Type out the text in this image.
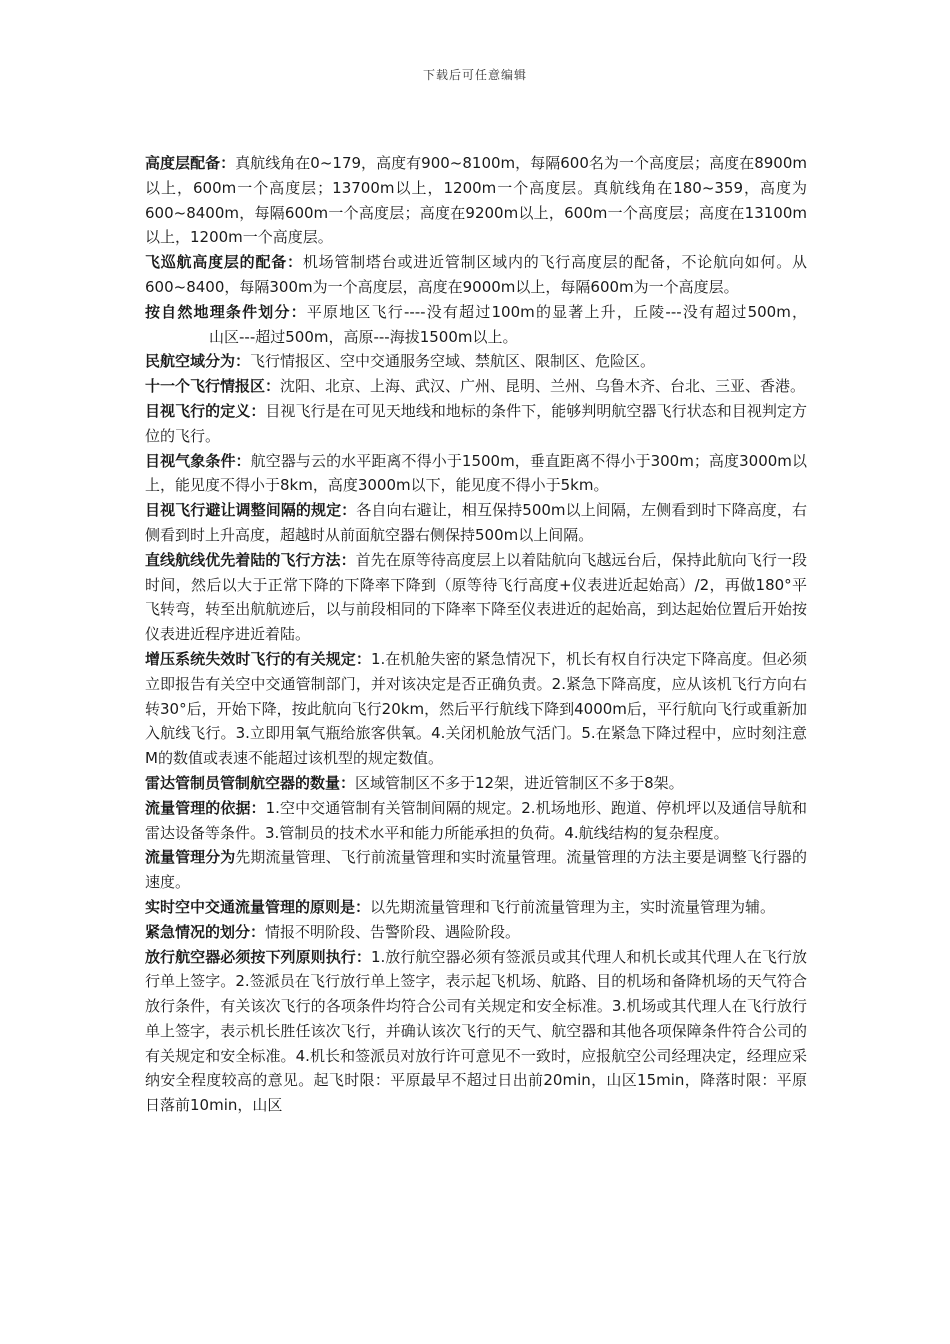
下载后可任意编辑

高度层配备：真航线角在0~179，高度有900~8100m，每隔600名为一个高度层；高度在8900m以上，600m一个高度层；13700m以上，1200m一个高度层。真航线角在180~359，高度为600~8400m，每隔600m一个高度层；高度在9200m以上，600m一个高度层；高度在13100m以上，1200m一个高度层。

飞巡航高度层的配备：机场管制塔台或进近管制区域内的飞行高度层的配备，不论航向如何。从600~8400，每隔300m为一个高度层，高度在9000m以上，每隔600m为一个高度层。

按自然地理条件划分：平原地区飞行----没有超过100m的显著上升，丘陵---没有超过500m，山区---超过500m，高原---海拔1500m以上。

民航空域分为：飞行情报区、空中交通服务空域、禁航区、限制区、危险区。

十一个飞行情报区：沈阳、北京、上海、武汉、广州、昆明、兰州、乌鲁木齐、台北、三亚、香港。

目视飞行的定义：目视飞行是在可见天地线和地标的条件下，能够判明航空器飞行状态和目视判定方位的飞行。

目视气象条件：航空器与云的水平距离不得小于1500m，垂直距离不得小于300m；高度3000m以上，能见度不得小于8km，高度3000m以下，能见度不得小于5km。

目视飞行避让调整间隔的规定：各自向右避让，相互保持500m以上间隔，左侧看到时下降高度，右侧看到时上升高度，超越时从前面航空器右侧保持500m以上间隔。

直线航线优先着陆的飞行方法：首先在原等待高度层上以着陆航向飞越远台后，保持此航向飞行一段时间，然后以大于正常下降的下降率下降到（原等待飞行高度+仪表进近起始高）/2，再做180°平飞转弯，转至出航航迹后，以与前段相同的下降率下降至仪表进近的起始高，到达起始位置后开始按仪表进近程序进近着陆。

增压系统失效时飞行的有关规定：1.在机舱失密的紧急情况下，机长有权自行决定下降高度。但必须立即报告有关空中交通管制部门，并对该决定是否正确负责。2.紧急下降高度，应从该机飞行方向右转30°后，开始下降，按此航向飞行20km，然后平行航线下降到4000m后，平行航向飞行或重新加入航线飞行。3.立即用氧气瓶给旅客供氧。4.关闭机舱放气活门。5.在紧急下降过程中，应时刻注意M的数值或表速不能超过该机型的规定数值。

雷达管制员管制航空器的数量：区域管制区不多于12架，进近管制区不多于8架。

流量管理的依据：1.空中交通管制有关管制间隔的规定。2.机场地形、跑道、停机坪以及通信导航和雷达设备等条件。3.管制员的技术水平和能力所能承担的负荷。4.航线结构的复杂程度。

流量管理分为先期流量管理、飞行前流量管理和实时流量管理。流量管理的方法主要是调整飞行器的速度。

实时空中交通流量管理的原则是：以先期流量管理和飞行前流量管理为主，实时流量管理为辅。

紧急情况的划分：情报不明阶段、告警阶段、遇险阶段。

放行航空器必须按下列原则执行：1.放行航空器必须有签派员或其代理人和机长或其代理人在飞行放行单上签字。2.签派员在飞行放行单上签字，表示起飞机场、航路、目的机场和备降机场的天气符合放行条件，有关该次飞行的各项条件均符合公司有关规定和安全标准。3.机场或其代理人在飞行放行单上签字，表示机长胜任该次飞行，并确认该次飞行的天气、航空器和其他各项保障条件符合公司的有关规定和安全标准。4.机长和签派员对放行许可意见不一致时，应报航空公司经理决定，经理应采纳安全程度较高的意见。起飞时限：平原最早不超过日出前20min，山区15min，降落时限：平原日落前10min，山区
